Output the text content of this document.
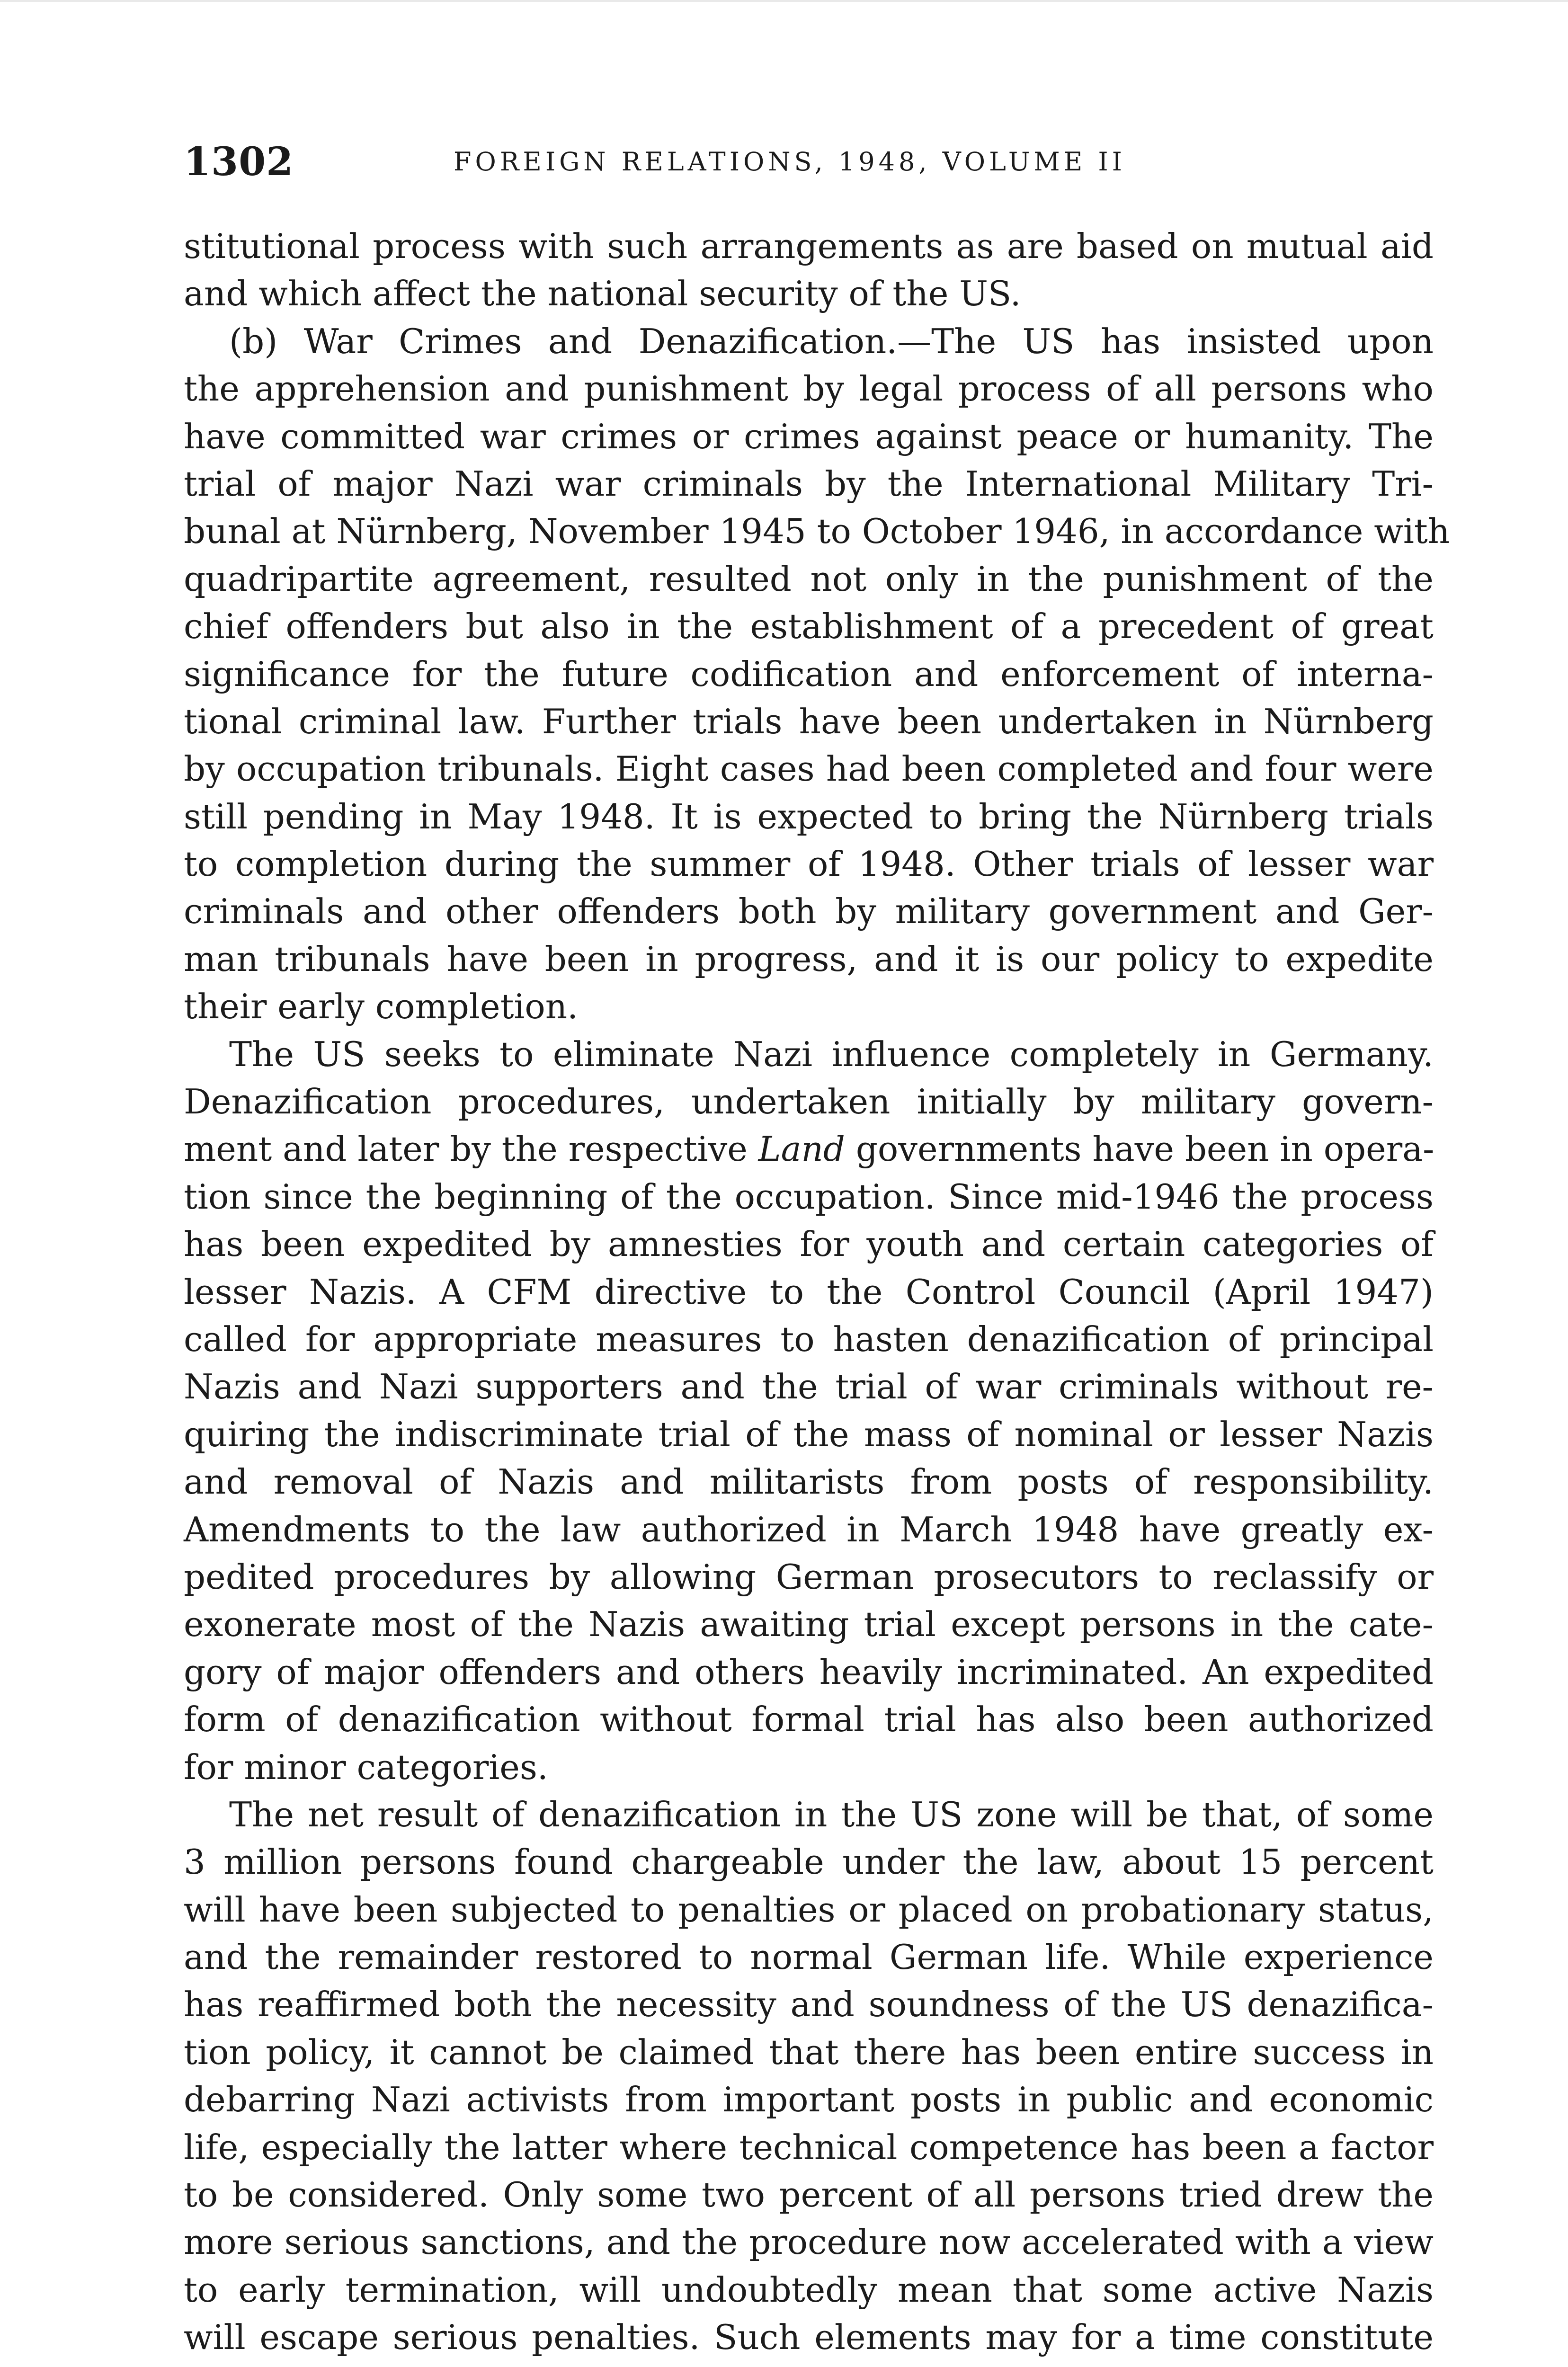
1302	FOREIGN RELATIONS, 1948, VOLUME II
stitutional process with such arrangements as are based on mutual aid
and which affect the national security of the US.
(b) War Crimes and Denazification.—The US has insisted upon
the apprehension and punishment by legal process of all persons who
have committed war crimes or crimes against peace or humanity. The
trial of major Nazi war criminals by the International Military Tri-
bunal at Nürnberg, November 1945 to October 1946, in accordance with
quadripartite agreement, resulted not only in the punishment of the
chief offenders but also in the establishment of a precedent of great
significance for the future codification and enforcement of interna-
tional criminal law. Further trials have been undertaken in Nürnberg
by occupation tribunals. Eight cases had been completed and four were
still pending in May 1948. It is expected to bring the Nürnberg trials
to completion during the summer of 1948. Other trials of lesser war
criminals and other offenders both by military government and Ger-
man tribunals have been in progress, and it is our policy to expedite
their early completion.
The US seeks to eliminate Nazi influence completely in Germany.
Denazification procedures, undertaken initially by military govern-
ment and later by the respective Land governments have been in opera-
tion since the beginning of the occupation. Since mid-1946 the process
has been expedited by amnesties for youth and certain categories of
lesser Nazis. A CFM directive to the Control Council (April 1947)
called for appropriate measures to hasten denazification of principal
Nazis and Nazi supporters and the trial of war criminals without re-
quiring the indiscriminate trial of the mass of nominal or lesser Nazis
and removal of Nazis and militarists from posts of responsibility.
Amendments to the law authorized in March 1948 have greatly ex-
pedited procedures by allowing German prosecutors to reclassify or
exonerate most of the Nazis awaiting trial except persons in the cate-
gory of major offenders and others heavily incriminated. An expedited
form of denazification without formal trial has also been authorized
for minor categories.
The net result of denazification in the US zone will be that, of some
3 million persons found chargeable under the law, about 15 percent
will have been subjected to penalties or placed on probationary status,
and the remainder restored to normal German life. While experience
has reaffirmed both the necessity and soundness of the US denazifica-
tion policy, it cannot be claimed that there has been entire success in
debarring Nazi activists from important posts in public and economic
life, especially the latter where technical competence has been a factor
to be considered. Only some two percent of all persons tried drew the
more serious sanctions, and the procedure now accelerated with a view
to early termination, will undoubtedly mean that some active Nazis
will escape serious penalties. Such elements may for a time constitute
